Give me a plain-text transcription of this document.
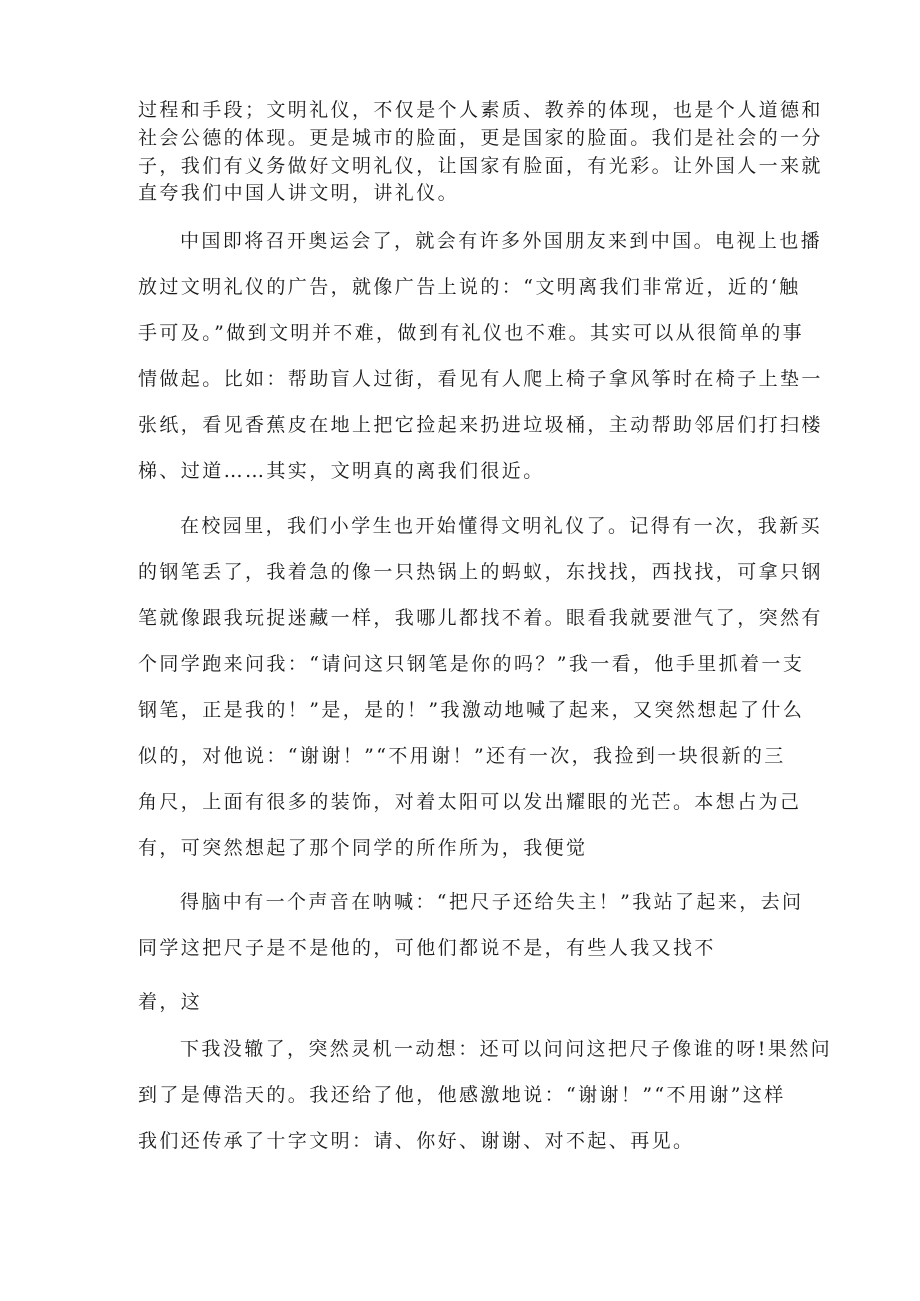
过程和手段；文明礼仪，不仅是个人素质、教养的体现，也是个人道德和

社会公德的体现。更是城市的脸面，更是国家的脸面。我们是社会的一分

子，我们有义务做好文明礼仪，让国家有脸面，有光彩。让外国人一来就

直夸我们中国人讲文明，讲礼仪。

中国即将召开奥运会了，就会有许多外国朋友来到中国。电视上也播

放过文明礼仪的广告，就像广告上说的：“文明离我们非常近，近的‘触

手可及。”做到文明并不难，做到有礼仪也不难。其实可以从很简单的事

情做起。比如：帮助盲人过街，看见有人爬上椅子拿风筝时在椅子上垫一

张纸，看见香蕉皮在地上把它捡起来扔进垃圾桶，主动帮助邻居们打扫楼

梯、过道……其实，文明真的离我们很近。

在校园里，我们小学生也开始懂得文明礼仪了。记得有一次，我新买

的钢笔丢了，我着急的像一只热锅上的蚂蚁，东找找，西找找，可拿只钢

笔就像跟我玩捉迷藏一样，我哪儿都找不着。眼看我就要泄气了，突然有

个同学跑来问我：“请问这只钢笔是你的吗？”我一看，他手里抓着一支

钢笔，正是我的！”是，是的！”我激动地喊了起来，又突然想起了什么

似的，对他说：“谢谢！”“不用谢！”还有一次，我捡到一块很新的三

角尺，上面有很多的装饰，对着太阳可以发出耀眼的光芒。本想占为己

有，可突然想起了那个同学的所作所为，我便觉

得脑中有一个声音在呐喊：“把尺子还给失主！”我站了起来，去问

同学这把尺子是不是他的，可他们都说不是，有些人我又找不

着，这

下我没辙了，突然灵机一动想：还可以问问这把尺子像谁的呀!果然问

到了是傅浩天的。我还给了他，他感激地说：“谢谢！”“不用谢”这样

我们还传承了十字文明：请、你好、谢谢、对不起、再见。
